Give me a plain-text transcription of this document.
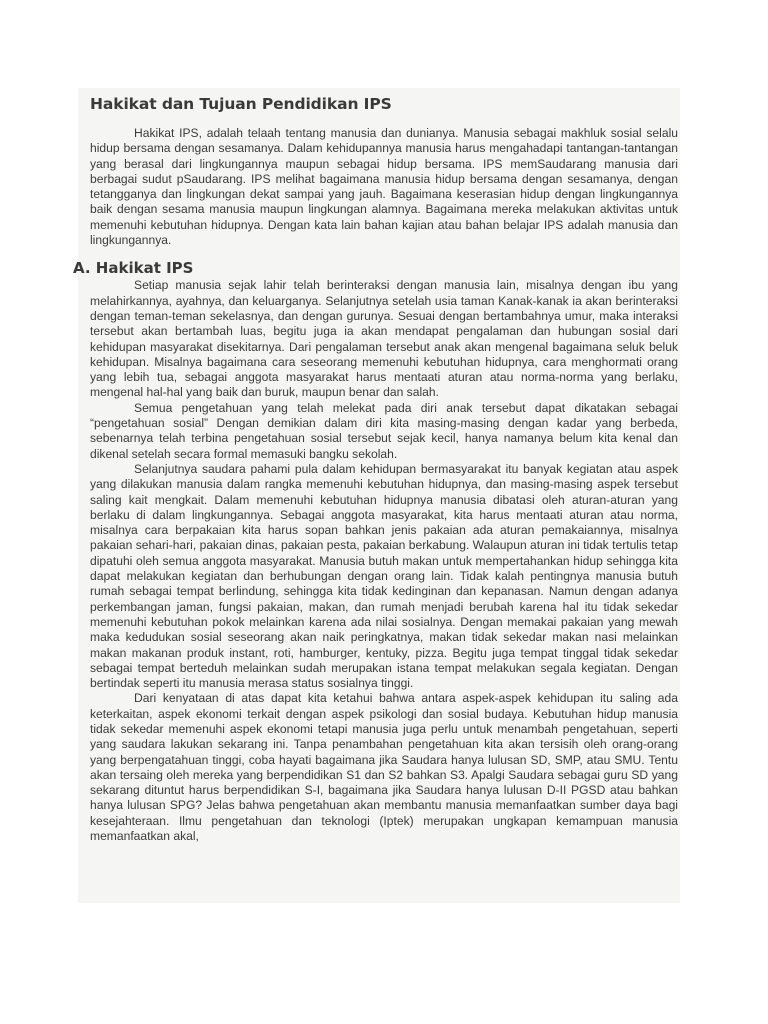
Hakikat dan Tujuan Pendidikan IPS

Hakikat IPS, adalah telaah tentang manusia dan dunianya. Manusia sebagai makhluk sosial selalu hidup bersama dengan sesamanya. Dalam kehidupannya manusia harus mengahadapi tantangan-tantangan yang berasal dari lingkungannya maupun sebagai hidup bersama. IPS memSaudarang manusia dari berbagai sudut pSaudarang. IPS melihat bagaimana manusia hidup bersama dengan sesamanya, dengan tetangganya dan lingkungan dekat sampai yang jauh. Bagaimana keserasian hidup dengan lingkungannya baik dengan sesama manusia maupun lingkungan alamnya. Bagaimana mereka melakukan aktivitas untuk memenuhi kebutuhan hidupnya. Dengan kata lain bahan kajian atau bahan belajar IPS adalah manusia dan lingkungannya.

A. Hakikat IPS

Setiap manusia sejak lahir telah berinteraksi dengan manusia lain, misalnya dengan ibu yang melahirkannya, ayahnya, dan keluarganya. Selanjutnya setelah usia taman Kanak-kanak ia akan berinteraksi dengan teman-teman sekelasnya, dan dengan gurunya. Sesuai dengan bertambahnya umur, maka interaksi tersebut akan bertambah luas, begitu juga ia akan mendapat pengalaman dan hubungan sosial dari kehidupan masyarakat disekitarnya. Dari pengalaman tersebut anak akan mengenal bagaimana seluk beluk kehidupan. Misalnya bagaimana cara seseorang memenuhi kebutuhan hidupnya, cara menghormati orang yang lebih tua, sebagai anggota masyarakat harus mentaati aturan atau norma-norma yang berlaku, mengenal hal-hal yang baik dan buruk, maupun benar dan salah.

Semua pengetahuan yang telah melekat pada diri anak tersebut dapat dikatakan sebagai “pengetahuan sosial” Dengan demikian dalam diri kita masing-masing dengan kadar yang berbeda, sebenarnya telah terbina pengetahuan sosial tersebut sejak kecil, hanya namanya belum kita kenal dan dikenal setelah secara formal memasuki bangku sekolah.

Selanjutnya saudara pahami pula dalam kehidupan bermasyarakat itu banyak kegiatan atau aspek yang dilakukan manusia dalam rangka memenuhi kebutuhan hidupnya, dan masing-masing aspek tersebut saling kait mengkait. Dalam memenuhi kebutuhan hidupnya manusia dibatasi oleh aturan-aturan yang berlaku di dalam lingkungannya. Sebagai anggota masyarakat, kita harus mentaati aturan atau norma, misalnya cara berpakaian kita harus sopan bahkan jenis pakaian ada aturan pemakaiannya, misalnya pakaian sehari-hari, pakaian dinas, pakaian pesta, pakaian berkabung. Walaupun aturan ini tidak tertulis tetap dipatuhi oleh semua anggota masyarakat. Manusia butuh makan untuk mempertahankan hidup sehingga kita dapat melakukan kegiatan dan berhubungan dengan orang lain. Tidak kalah pentingnya manusia butuh rumah sebagai tempat berlindung, sehingga kita tidak kedinginan dan kepanasan. Namun dengan adanya perkembangan jaman, fungsi pakaian, makan, dan rumah menjadi berubah karena hal itu tidak sekedar memenuhi kebutuhan pokok melainkan karena ada nilai sosialnya. Dengan memakai pakaian yang mewah maka kedudukan sosial seseorang akan naik peringkatnya, makan tidak sekedar makan nasi melainkan makan makanan produk instant, roti, hamburger, kentuky, pizza. Begitu juga tempat tinggal tidak sekedar sebagai tempat berteduh melainkan sudah merupakan istana tempat melakukan segala kegiatan. Dengan bertindak seperti itu manusia merasa status sosialnya tinggi.

Dari kenyataan di atas dapat kita ketahui bahwa antara aspek-aspek kehidupan itu saling ada keterkaitan, aspek ekonomi terkait dengan aspek psikologi dan sosial budaya. Kebutuhan hidup manusia tidak sekedar memenuhi aspek ekonomi tetapi manusia juga perlu untuk menambah pengetahuan, seperti yang saudara lakukan sekarang ini. Tanpa penambahan pengetahuan kita akan tersisih oleh orang-orang yang berpengatahuan tinggi, coba hayati bagaimana jika Saudara hanya lulusan SD, SMP, atau SMU. Tentu akan tersaing oleh mereka yang berpendidikan S1 dan S2 bahkan S3. Apalgi Saudara sebagai guru SD yang sekarang dituntut harus berpendidikan S-I, bagaimana jika Saudara hanya lulusan D-II PGSD atau bahkan hanya lulusan SPG? Jelas bahwa pengetahuan akan membantu manusia memanfaatkan sumber daya bagi kesejahteraan. Ilmu pengetahuan dan teknologi (Iptek) merupakan ungkapan kemampuan manusia memanfaatkan akal,
